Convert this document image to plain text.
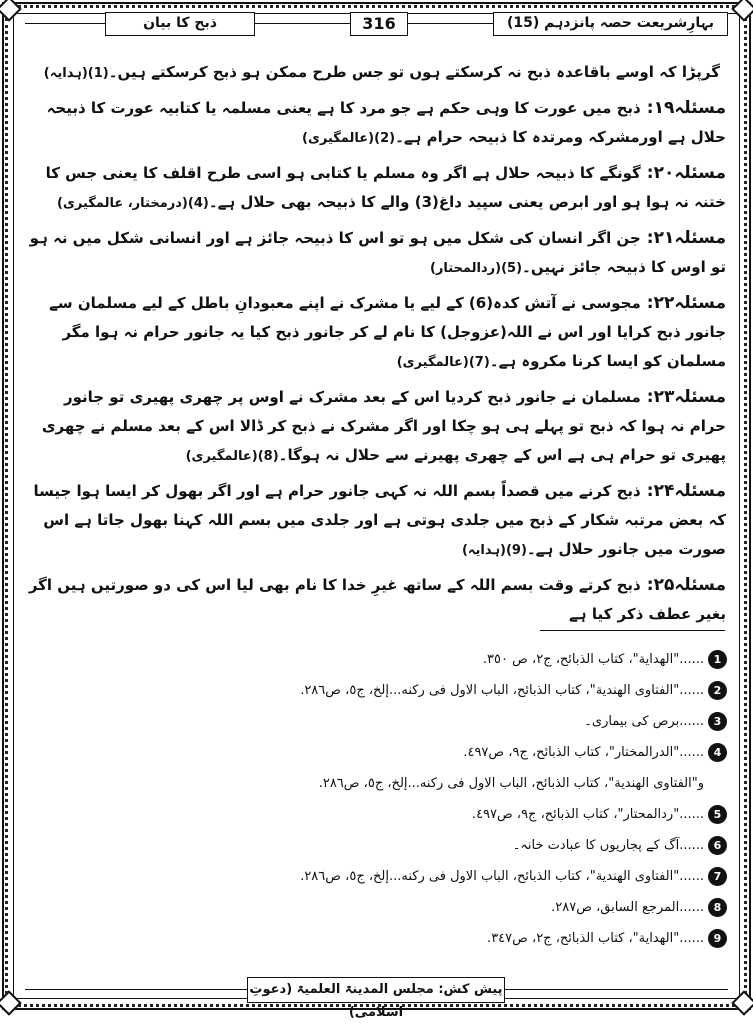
ذبح کا بیان	316	بہارِشریعت حصہ پانزدہم (15)

گرپڑا کہ اوسے باقاعدہ ذبح نہ کرسکتے ہوں تو جس طرح ممکن ہو ذبح کرسکتے ہیں۔(1)(ہدایہ)

مسئلہ۱۹:ذبح میں عورت کا وہی حکم ہے جو مرد کا ہے یعنی مسلمہ یا کتابیہ عورت کا ذبیحہ حلال ہے اورمشرکہ ومرتدہ کا ذبیحہ حرام ہے۔(2)(عالمگیری)

مسئلہ۲۰:گونگے کا ذبیحہ حلال ہے اگر وہ مسلم یا کتابی ہو اسی طرح اقلف کا یعنی جس کا ختنہ نہ ہوا ہو اور ابرص یعنی سپید داغ(3) والے کا ذبیحہ بھی حلال ہے۔(4)(درمختار، عالمگیری)

مسئلہ۲۱:جن اگر انسان کی شکل میں ہو تو اس کا ذبیحہ جائز ہے اور انسانی شکل میں نہ ہو تو اوس کا ذبیحہ جائز نہیں۔(5)(ردالمحتار)

مسئلہ۲۲:مجوسی نے آتش کدہ(6) کے لیے یا مشرک نے اپنے معبودانِ باطل کے لیے مسلمان سے جانور ذبح کرایا اور اس نے اللہ(عزوجل) کا نام لے کر جانور ذبح کیا یہ جانور حرام نہ ہوا مگر مسلمان کو ایسا کرنا مکروہ ہے۔(7)(عالمگیری)

مسئلہ۲۳:مسلمان نے جانور ذبح کردیا اس کے بعد مشرک نے اوس پر چھری پھیری تو جانور حرام نہ ہوا کہ ذبح تو پہلے ہی ہو چکا اور اگر مشرک نے ذبح کر ڈالا اس کے بعد مسلم نے چھری پھیری تو حرام ہی ہے اس کے چھری پھیرنے سے حلال نہ ہوگا۔(8)(عالمگیری)

مسئلہ۲۴:ذبح کرنے میں قصداً بسم اللہ نہ کہی جانور حرام ہے اور اگر بھول کر ایسا ہوا جیسا کہ بعض مرتبہ شکار کے ذبح میں جلدی ہوتی ہے اور جلدی میں بسم اللہ کہنا بھول جاتا ہے اس صورت میں جانور حلال ہے۔(9)(ہدایہ)

مسئلہ۲۵:ذبح کرتے وقت بسم اللہ کے ساتھ غیرِ خدا کا نام بھی لیا اس کی دو صورتیں ہیں اگر بغیر عطف ذکر کیا ہے

1
......"الهداية"، كتاب الذبائح، ج٢، ص ٣٥٠.
2
......"الفتاوى الهندية"، كتاب الذبائح، الباب الاول فى ركنه...إلخ، ج٥، ص٢٨٦.
3
......برص کی بیماری۔
4
......"الدرالمختار"، كتاب الذبائح، ج٩، ص٤٩٧.
و"الفتاوى الهندية"، كتاب الذبائح، الباب الاول فى ركنه...إلخ، ج٥، ص٢٨٦.
5
......"ردالمحتار"، كتاب الذبائح، ج٩، ص٤٩٧.
6
......آگ کے پجاریوں کا عبادت خانہ۔
7
......"الفتاوى الهندية"، كتاب الذبائح، الباب الاول فى ركنه...إلخ، ج٥، ص٢٨٦.
8
......المرجع السابق، ص٢٨٧.
9
......"الهداية"، كتاب الذبائح، ج٢، ص٣٤٧.
پیش کش: مجلس المدینۃ العلمیۃ (دعوتِ اسلامی)
